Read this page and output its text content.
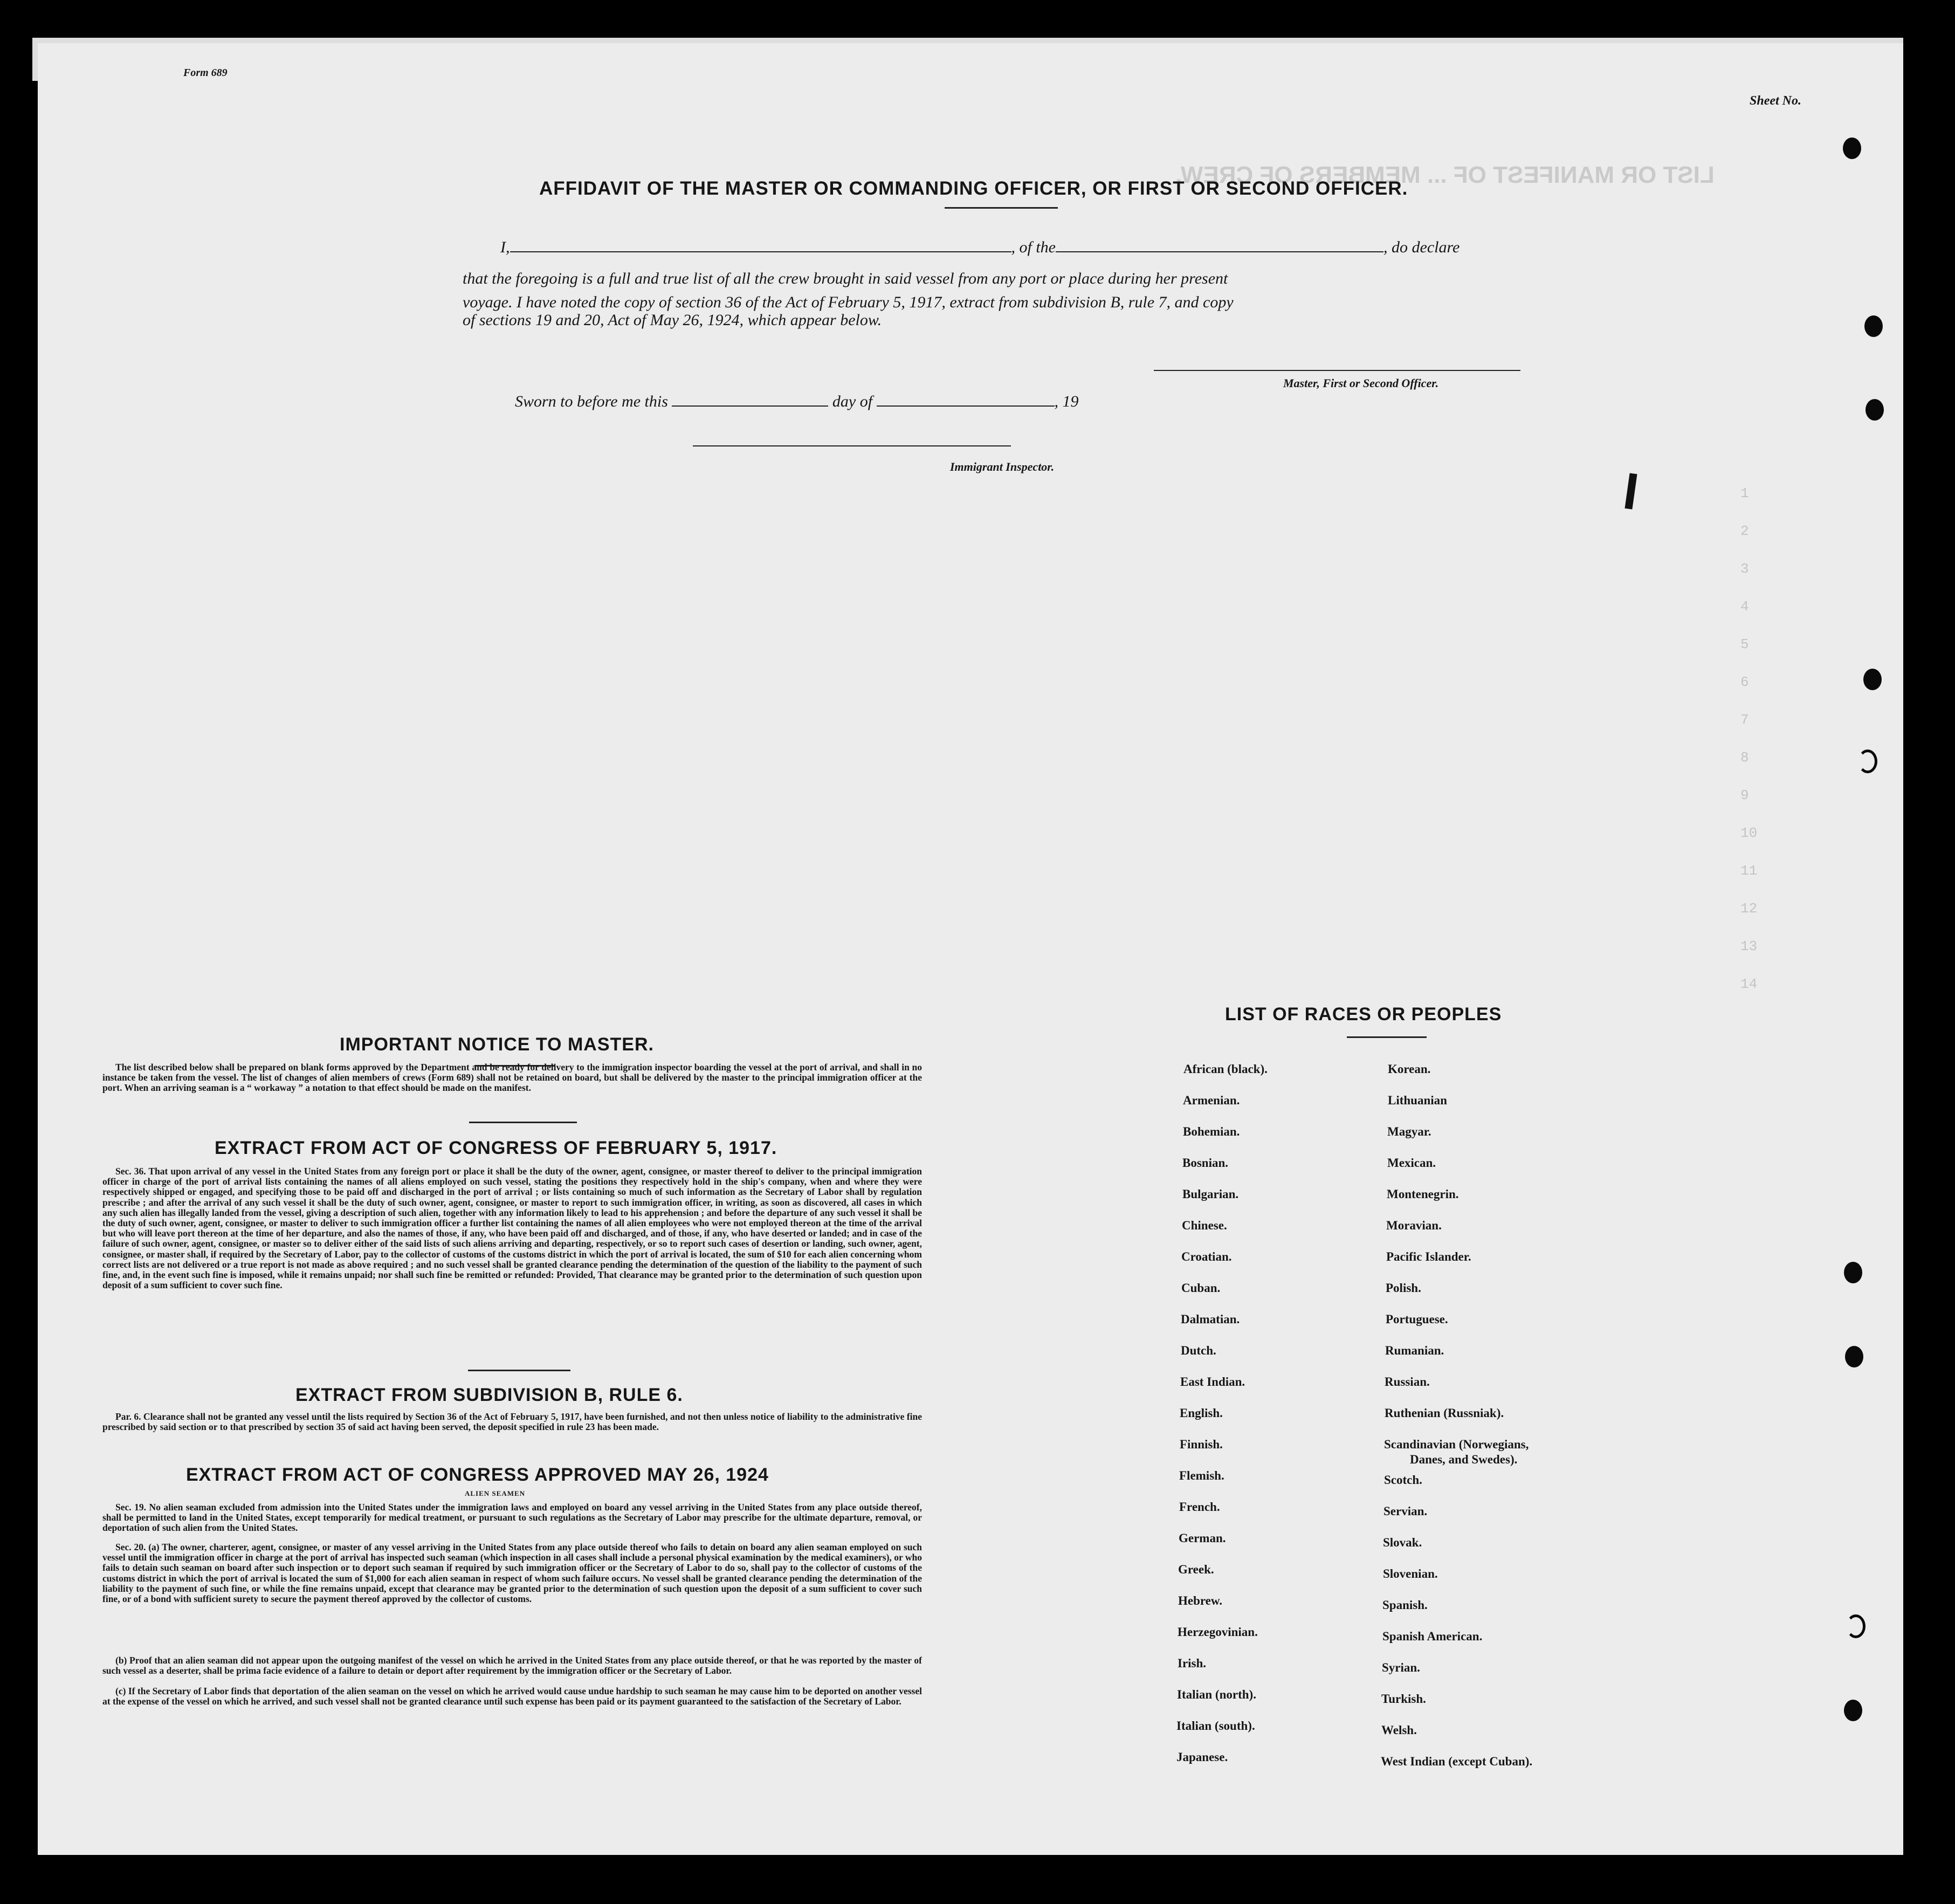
Form 689
Sheet No.
LIST OR MANIFEST OF ... MEMBERS OF CREW.
1
2
3
4
5
6
7
8
9
10
11
12
13
14
AFFIDAVIT OF THE MASTER OR COMMANDING OFFICER, OR FIRST OR SECOND OFFICER.
I,	, of the	, do declare
that the foregoing is a full and true list of all the crew brought in said vessel from any port or place during her present
voyage. I have noted the copy of section 36 of the Act of February 5, 1917, extract from subdivision B, rule 7, and copy
of sections 19 and 20, Act of May 26, 1924, which appear below.
Master, First or Second Officer.
Sworn to before me this	day of	, 19
Immigrant Inspector.
IMPORTANT NOTICE TO MASTER.

The list described below shall be prepared on blank forms approved by the Department and be ready for delivery to the immigration inspector boarding the vessel at the port of arrival, and shall in no instance be taken from the vessel. The list of changes of alien members of crews (Form 689) shall not be retained on board, but shall be delivered by the master to the principal immigration officer at the port. When an arriving seaman is a “ workaway ” a notation to that effect should be made on the manifest.

EXTRACT FROM ACT OF CONGRESS OF FEBRUARY 5, 1917.

Sec. 36. That upon arrival of any vessel in the United States from any foreign port or place it shall be the duty of the owner, agent, consignee, or master thereof to deliver to the principal immigration officer in charge of the port of arrival lists containing the names of all aliens employed on such vessel, stating the positions they respectively hold in the ship's company, when and where they were respectively shipped or engaged, and specifying those to be paid off and discharged in the port of arrival ; or lists containing so much of such information as the Secretary of Labor shall by regulation prescribe ; and after the arrival of any such vessel it shall be the duty of such owner, agent, consignee, or master to report to such immigration officer, in writing, as soon as discovered, all cases in which any such alien has illegally landed from the vessel, giving a description of such alien, together with any information likely to lead to his apprehension ; and before the departure of any such vessel it shall be the duty of such owner, agent, consignee, or master to deliver to such immigration officer a further list containing the names of all alien employees who were not employed thereon at the time of the arrival but who will leave port thereon at the time of her departure, and also the names of those, if any, who have been paid off and discharged, and of those, if any, who have deserted or landed; and in case of the failure of such owner, agent, consignee, or master so to deliver either of the said lists of such aliens arriving and departing, respectively, or so to report such cases of desertion or landing, such owner, agent, consignee, or master shall, if required by the Secretary of Labor, pay to the collector of customs of the customs district in which the port of arrival is located, the sum of $10 for each alien concerning whom correct lists are not delivered or a true report is not made as above required ; and no such vessel shall be granted clearance pending the determination of the question of the liability to the payment of such fine, and, in the event such fine is imposed, while it remains unpaid; nor shall such fine be remitted or refunded: Provided, That clearance may be granted prior to the determination of such question upon deposit of a sum sufficient to cover such fine.

EXTRACT FROM SUBDIVISION B, RULE 6.

Par. 6. Clearance shall not be granted any vessel until the lists required by Section 36 of the Act of February 5, 1917, have been furnished, and not then unless notice of liability to the administrative fine prescribed by said section or to that prescribed by section 35 of said act having been served, the deposit specified in rule 23 has been made.

EXTRACT FROM ACT OF CONGRESS APPROVED MAY 26, 1924
ALIEN SEAMEN

Sec. 19. No alien seaman excluded from admission into the United States under the immigration laws and employed on board any vessel arriving in the United States from any place outside thereof, shall be permitted to land in the United States, except temporarily for medical treatment, or pursuant to such regulations as the Secretary of Labor may prescribe for the ultimate departure, removal, or deportation of such alien from the United States.

Sec. 20. (a) The owner, charterer, agent, consignee, or master of any vessel arriving in the United States from any place outside thereof who fails to detain on board any alien seaman employed on such vessel until the immigration officer in charge at the port of arrival has inspected such seaman (which inspection in all cases shall include a personal physical examination by the medical examiners), or who fails to detain such seaman on board after such inspection or to deport such seaman if required by such immigration officer or the Secretary of Labor to do so, shall pay to the collector of customs of the customs district in which the port of arrival is located the sum of $1,000 for each alien seaman in respect of whom such failure occurs. No vessel shall be granted clearance pending the determination of the liability to the payment of such fine, or while the fine remains unpaid, except that clearance may be granted prior to the determination of such question upon the deposit of a sum sufficient to cover such fine, or of a bond with sufficient surety to secure the payment thereof approved by the collector of customs.

(b) Proof that an alien seaman did not appear upon the outgoing manifest of the vessel on which he arrived in the United States from any place outside thereof, or that he was reported by the master of such vessel as a deserter, shall be prima facie evidence of a failure to detain or deport after requirement by the immigration officer or the Secretary of Labor.

(c) If the Secretary of Labor finds that deportation of the alien seaman on the vessel on which he arrived would cause undue hardship to such seaman he may cause him to be deported on another vessel at the expense of the vessel on which he arrived, and such vessel shall not be granted clearance until such expense has been paid or its payment guaranteed to the satisfaction of the Secretary of Labor.

LIST OF RACES OR PEOPLES
African (black).
Armenian.
Bohemian.
Bosnian.
Bulgarian.
Chinese.
Croatian.
Cuban.
Dalmatian.
Dutch.
East Indian.
English.
Finnish.
Flemish.
French.
German.
Greek.
Hebrew.
Herzegovinian.
Irish.
Italian (north).
Italian (south).
Japanese.
Korean.
Lithuanian
Magyar.
Mexican.
Montenegrin.
Moravian.
Pacific Islander.
Polish.
Portuguese.
Rumanian.
Russian.
Ruthenian (Russniak).
Scandinavian (Norwegians,
Danes, and Swedes).
Scotch.
Servian.
Slovak.
Slovenian.
Spanish.
Spanish American.
Syrian.
Turkish.
Welsh.
West Indian (except Cuban).
